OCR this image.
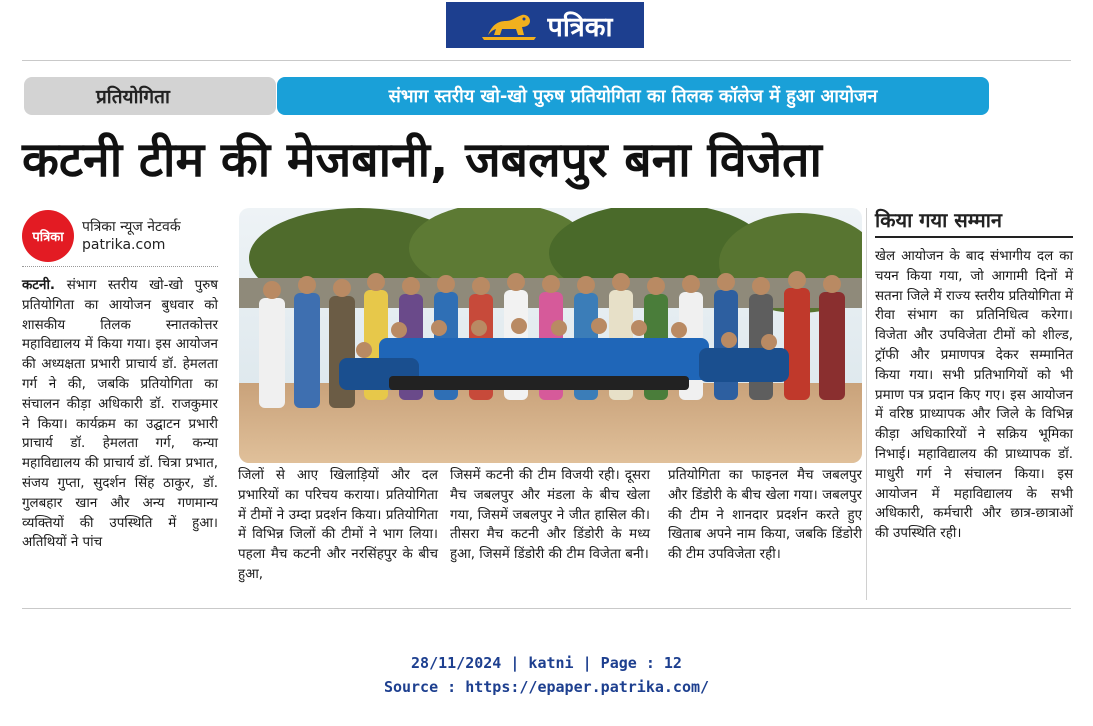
पत्रिका
प्रतियोगिता	संभाग स्तरीय खो-खो पुरुष प्रतियोगिता का तिलक कॉलेज में हुआ आयोजन
कटनी टीम की मेजबानी, जबलपुर बना विजेता
पत्रिका
पत्रिका न्यूज नेटवर्क
patrika.com
कटनी. संभाग स्तरीय खो-खो पुरुष प्रतियोगिता का आयोजन बुधवार को शासकीय तिलक स्नातकोत्तर महाविद्यालय में किया गया। इस आयोजन की अध्यक्षता प्रभारी प्राचार्य डॉ. हेमलता गर्ग ने की, जबकि प्रतियोगिता का संचालन कीड़ा अधिकारी डॉ. राजकुमार ने किया। कार्यक्रम का उद्घाटन प्रभारी प्राचार्य डॉ. हेमलता गर्ग, कन्या महाविद्यालय की प्राचार्य डॉ. चित्रा प्रभात, संजय गुप्ता, सुदर्शन सिंह ठाकुर, डॉ. गुलबहार खान और अन्य गणमान्य व्यक्तियों की उपस्थिति में हुआ। अतिथियों ने पांच
जिलों से आए खिलाड़ियों और दल प्रभारियों का परिचय कराया। प्रतियोगिता में टीमों ने उम्दा प्रदर्शन किया। प्रतियोगिता में विभिन्न जिलों की टीमों ने भाग लिया। पहला मैच कटनी और नरसिंहपुर के बीच हुआ,
जिसमें कटनी की टीम विजयी रही। दूसरा मैच जबलपुर और मंडला के बीच खेला गया, जिसमें जबलपुर ने जीत हासिल की। तीसरा मैच कटनी और डिंडोरी के मध्य हुआ, जिसमें डिंडोरी की टीम विजेता बनी।
प्रतियोगिता का फाइनल मैच जबलपुर और डिंडोरी के बीच खेला गया। जबलपुर की टीम ने शानदार प्रदर्शन करते हुए खिताब अपने नाम किया, जबकि डिंडोरी की टीम उपविजेता रही।
किया गया सम्मान
खेल आयोजन के बाद संभागीय दल का चयन किया गया, जो आगामी दिनों में सतना जिले में राज्य स्तरीय प्रतियोगिता में रीवा संभाग का प्रतिनिधित्व करेगा। विजेता और उपविजेता टीमों को शील्ड, ट्रॉफी और प्रमाणपत्र देकर सम्मानित किया गया। सभी प्रतिभागियों को भी प्रमाण पत्र प्रदान किए गए। इस आयोजन में वरिष्ठ प्राध्यापक और जिले के विभिन्न कीड़ा अधिकारियों ने सक्रिय भूमिका निभाई। महाविद्यालय की प्राध्यापक डॉ. माधुरी गर्ग ने संचालन किया। इस आयोजन में महाविद्यालय के सभी अधिकारी, कर्मचारी और छात्र-छात्राओं की उपस्थिति रही।
28/11/2024 | katni | Page : 12
Source : https://epaper.patrika.com/
